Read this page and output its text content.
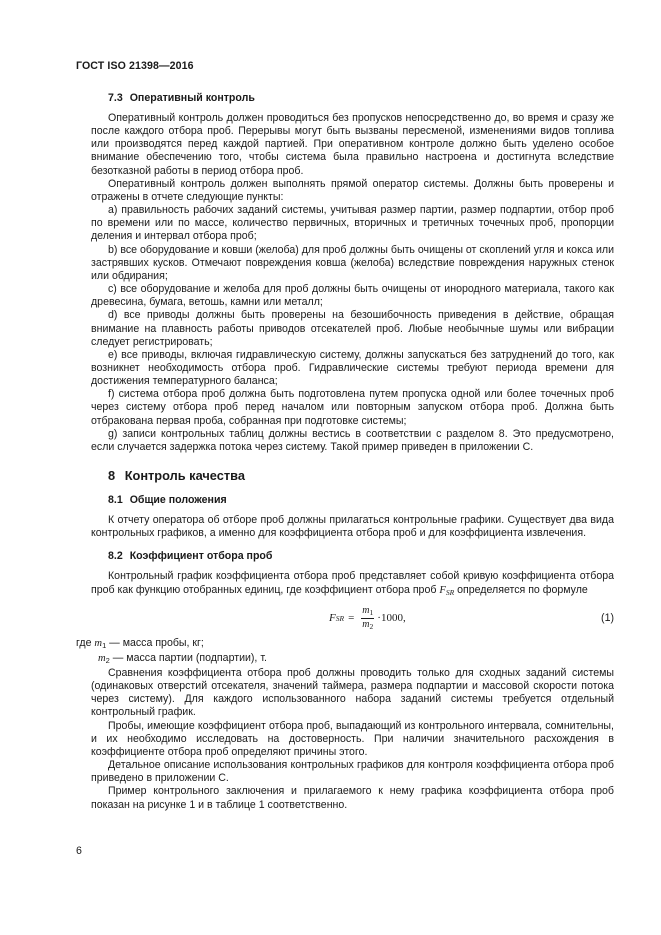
ГОСТ ISO 21398—2016
7.3 Оперативный контроль

Оперативный контроль должен проводиться без пропусков непосредственно до, во время и сразу же после каждого отбора проб. Перерывы могут быть вызваны пересменой, изменениями видов топлива или производятся перед каждой партией. При оперативном контроле должно быть уделено особое внимание обеспечению того, чтобы система была правильно настроена и достигнута вследствие безотказной работы в период отбора проб.

Оперативный контроль должен выполнять прямой оператор системы. Должны быть проверены и отражены в отчете следующие пункты:

a) правильность рабочих заданий системы, учитывая размер партии, размер подпартии, отбор проб по времени или по массе, количество первичных, вторичных и третичных точечных проб, пропорции деления и интервал отбора проб;

b) все оборудование и ковши (желоба) для проб должны быть очищены от скоплений угля и кокса или застрявших кусков. Отмечают повреждения ковша (желоба) вследствие повреждения наружных стенок или обдирания;

c) все оборудование и желоба для проб должны быть очищены от инородного материала, такого как древесина, бумага, ветошь, камни или металл;

d) все приводы должны быть проверены на безошибочность приведения в действие, обращая внимание на плавность работы приводов отсекателей проб. Любые необычные шумы или вибрации следует регистрировать;

e) все приводы, включая гидравлическую систему, должны запускаться без затруднений до того, как возникнет необходимость отбора проб. Гидравлические системы требуют периода времени для достижения температурного баланса;

f) система отбора проб должна быть подготовлена путем пропуска одной или более точечных проб через систему отбора проб перед началом или повторным запуском отбора проб. Должна быть отбракована первая проба, собранная при подготовке системы;

g) записи контрольных таблиц должны вестись в соответствии с разделом 8. Это предусмотрено, если случается задержка потока через систему. Такой пример приведен в приложении С.

8 Контроль качества
8.1 Общие положения

К отчету оператора об отборе проб должны прилагаться контрольные графики. Существует два вида контрольных графиков, а именно для коэффициента отбора проб и для коэффициента извлечения.

8.2 Коэффициент отбора проб

Контрольный график коэффициента отбора проб представляет собой кривую коэффициента отбора проб как функцию отобранных единиц, где коэффициент отбора проб $F_{SR}$ определяется по формуле

F SR = $\frac{m_1}{m_2} \cdot 1000$,	(1)
где $m_1$ — масса пробы, кг;
$m_2$ — масса партии (подпартии), т.

Сравнения коэффициента отбора проб должны проводить только для сходных заданий системы (одинаковых отверстий отсекателя, значений таймера, размера подпартии и массовой скорости потока через систему). Для каждого использованного набора заданий системы требуется отдельный контрольный график.

Пробы, имеющие коэффициент отбора проб, выпадающий из контрольного интервала, сомнительны, и их необходимо исследовать на достоверность. При наличии значительного расхождения в коэффициенте отбора проб определяют причины этого.

Детальное описание использования контрольных графиков для контроля коэффициента отбора проб приведено в приложении С.

Пример контрольного заключения и прилагаемого к нему графика коэффициента отбора проб показан на рисунке 1 и в таблице 1 соответственно.

6
